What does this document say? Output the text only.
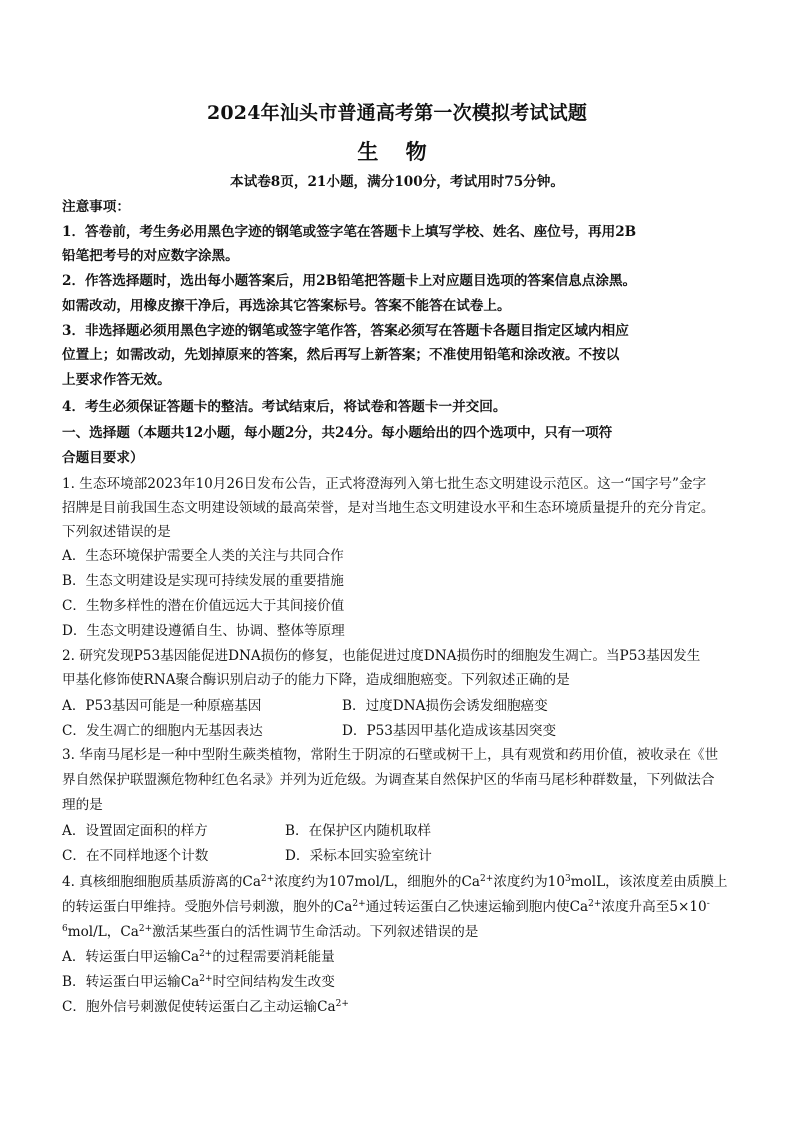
2024年汕头市普通高考第一次模拟考试试题
生 物
本试卷8页，21小题，满分100分，考试用时75分钟。
注意事项：
1．答卷前，考生务必用黑色字迹的钢笔或签字笔在答题卡上填写学校、姓名、座位号，再用2B
铅笔把考号的对应数字涂黑。
2．作答选择题时，选出每小题答案后，用2B铅笔把答题卡上对应题目选项的答案信息点涂黑。
如需改动，用橡皮擦干净后，再选涂其它答案标号。答案不能答在试卷上。
3．非选择题必须用黑色字迹的钢笔或签字笔作答，答案必须写在答题卡各题目指定区域内相应
位置上；如需改动，先划掉原来的答案，然后再写上新答案；不准使用铅笔和涂改液。不按以
上要求作答无效。
4．考生必须保证答题卡的整洁。考试结束后，将试卷和答题卡一并交回。
一、选择题（本题共12小题，每小题2分，共24分。每小题给出的四个选项中，只有一项符
合题目要求）
1. 生态环境部2023年10月26日发布公告，正式将澄海列入第七批生态文明建设示范区。这一“国字号”金字
招牌是目前我国生态文明建设领域的最高荣誉，是对当地生态文明建设水平和生态环境质量提升的充分肯定。
下列叙述错误的是
A．生态环境保护需要全人类的关注与共同合作
B．生态文明建设是实现可持续发展的重要措施
C．生物多样性的潜在价值远远大于其间接价值
D．生态文明建设遵循自生、协调、整体等原理
2. 研究发现P53基因能促进DNA损伤的修复，也能促进过度DNA损伤时的细胞发生凋亡。当P53基因发生
甲基化修饰使RNA聚合酶识别启动子的能力下降，造成细胞癌变。下列叙述正确的是
A．P53基因可能是一种原癌基因	B．过度DNA损伤会诱发细胞癌变
C．发生凋亡的细胞内无基因表达	D．P53基因甲基化造成该基因突变
3. 华南马尾杉是一种中型附生蕨类植物，常附生于阴凉的石壁或树干上，具有观赏和药用价值，被收录在《世
界自然保护联盟濒危物种红色名录》并列为近危级。为调查某自然保护区的华南马尾杉种群数量，下列做法合
理的是
A．设置固定面积的样方	B．在保护区内随机取样
C．在不同样地逐个计数	D．采标本回实验室统计
4. 真核细胞细胞质基质游离的$Ca^{2+}$浓度约为107mol/L，细胞外的$Ca^{2+}$浓度约为$10^3molL$，该浓度差由质膜上
的转运蛋白甲维持。受胞外信号刺激，胞外的$Ca^{2+}$通过转运蛋白乙快速运输到胞内使$Ca^{2+}$浓度升高至5×10-
$^6$mol/L，$Ca^{2+}$激活某些蛋白的活性调节生命活动。下列叙述错误的是
A．转运蛋白甲运输$Ca^{2+}$的过程需要消耗能量
B．转运蛋白甲运输$Ca^{2+}$时空间结构发生改变
C．胞外信号刺激促使转运蛋白乙主动运输$Ca^{2+}$
